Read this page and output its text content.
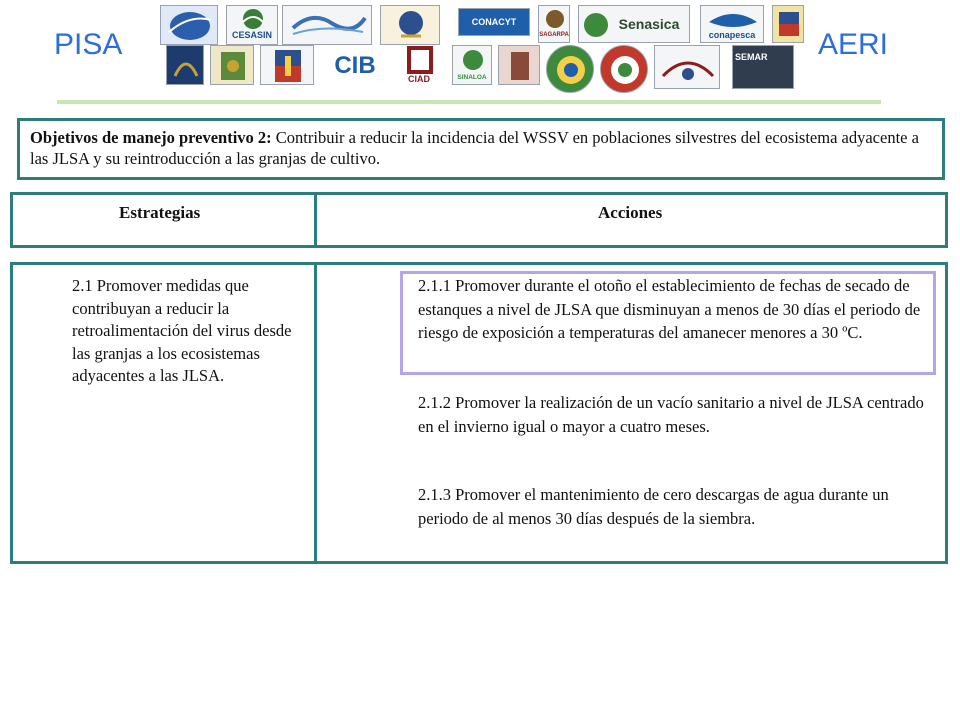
PISA	AERI
CESASIN
CONACYT
SAGARPA
Senasica
conapesca
CIB	CIAD	SINALOA
SEMAR
Objetivos de manejo preventivo 2: Contribuir a reducir la incidencia del WSSV en poblaciones silvestres del ecosistema adyacente a las JLSA y su reintroducción a las granjas de cultivo.
Estrategias	Acciones
2.1 Promover medidas que contribuyan a reducir la retroalimentación del virus desde las granjas a los ecosistemas adyacentes a las JLSA.
2.1.1 Promover durante el otoño el establecimiento de fechas de secado de estanques a nivel de JLSA que disminuyan a menos de 30 días el periodo de riesgo de exposición a temperaturas del amanecer menores a 30 ºC.
2.1.2 Promover la realización de un vacío sanitario a nivel de JLSA centrado en el invierno igual o mayor a cuatro meses.
2.1.3 Promover el mantenimiento de cero descargas de agua durante un periodo de al menos 30 días después de la siembra.
